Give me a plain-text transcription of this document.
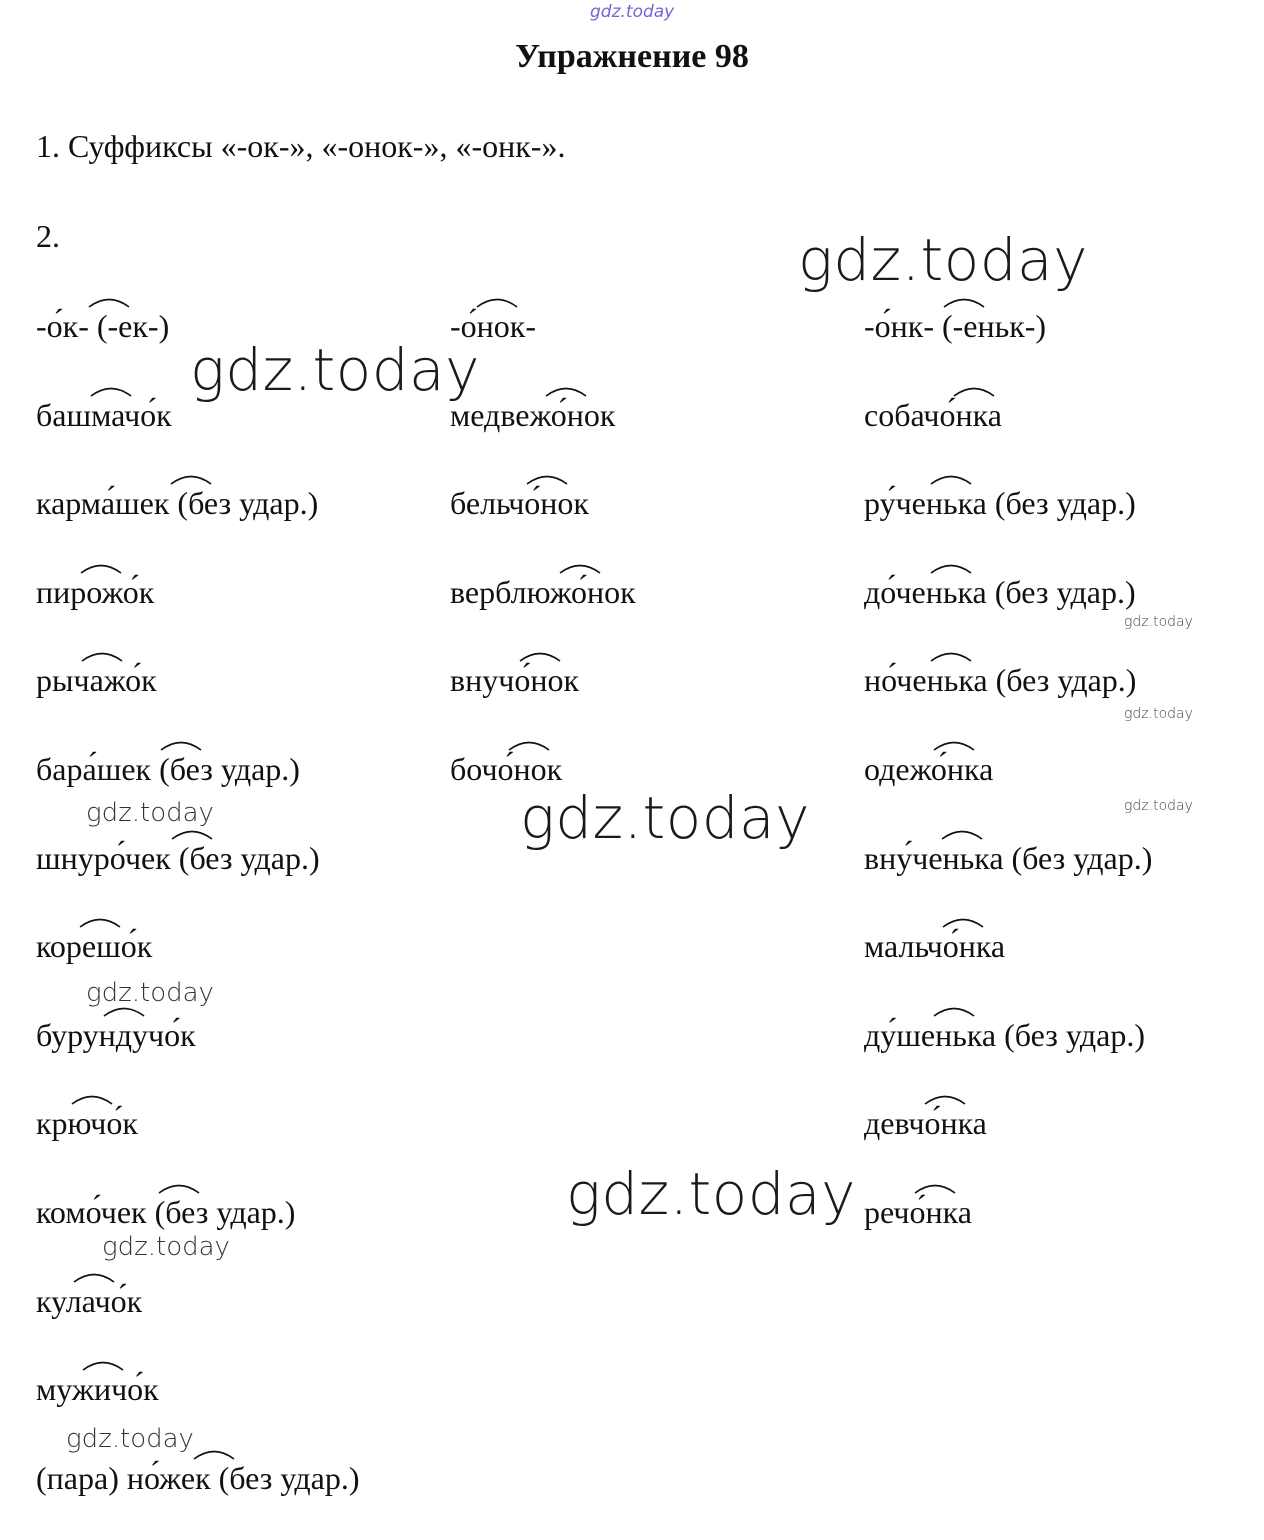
gdz.today
gdz.today
gdz.today
gdz.today
gdz.today
gdz.today
gdz.today
gdz.today
gdz.today
gdz.today
gdz.today
gdz.today
Упражнение 98
1. Суффиксы «-ок-», «-онок-», «-онк-».
2.
-о́к- (-ек-)
башмачо́к
карма́шек (без удар.)
пирожо́к
рычажо́к
бара́шек (без удар.)
шнуро́чек (без удар.)
корешо́к
бурундучо́к
крючо́к
комо́чек (без удар.)
кулачо́к
мужичо́к
(пара) но́жек (без удар.)
-о́нок-
медвежо́нок
бельчо́нок
верблюжо́нок
внучо́нок
бочо́нок
-о́нк- (-еньк-)
собачо́нка
ру́ченька (без удар.)
до́ченька (без удар.)
но́ченька (без удар.)
одежо́нка
вну́ченька (без удар.)
мальчо́нка
ду́шенька (без удар.)
девчо́нка
речо́нка
